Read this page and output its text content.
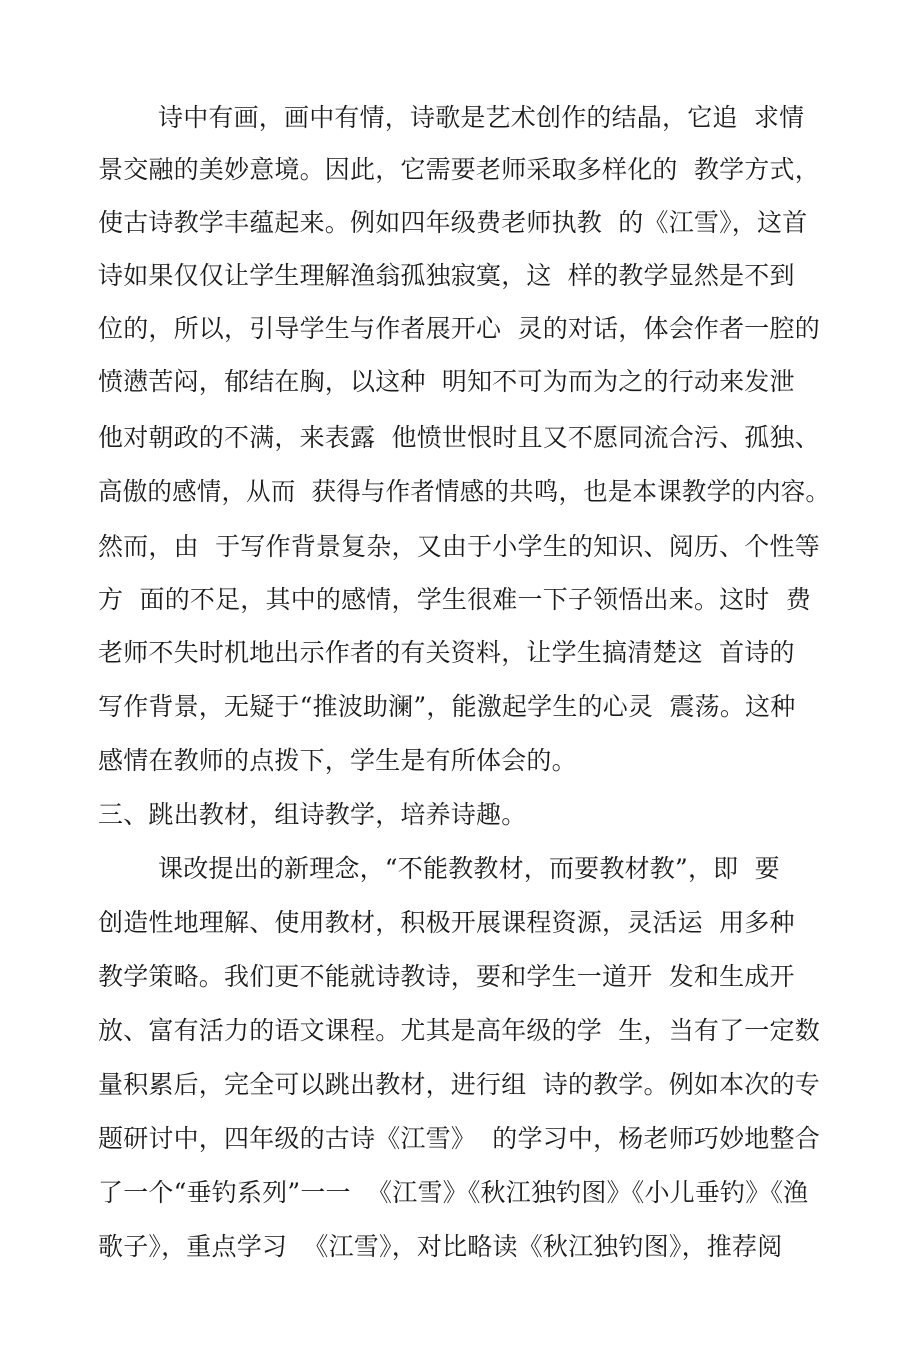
诗中有画，画中有情，诗歌是艺术创作的结晶，它追  求情
景交融的美妙意境。因此，它需要老师采取多样化的  教学方式，
使古诗教学丰蕴起来。例如四年级费老师执教  的《江雪》，这首
诗如果仅仅让学生理解渔翁孤独寂寞，这  样的教学显然是不到
位的，所以，引导学生与作者展开心  灵的对话，体会作者一腔的
愤懑苦闷，郁结在胸，以这种  明知不可为而为之的行动来发泄
他对朝政的不满，来表露  他愤世恨时且又不愿同流合污、孤独、
高傲的感情，从而  获得与作者情感的共鸣，也是本课教学的内容。
然而，由  于写作背景复杂，又由于小学生的知识、阅历、个性等
方  面的不足，其中的感情，学生很难一下子领悟出来。这时  费
老师不失时机地出示作者的有关资料，让学生搞清楚这  首诗的
写作背景，无疑于“推波助澜”，能激起学生的心灵  震荡。这种
感情在教师的点拨下，学生是有所体会的。
三、跳出教材，组诗教学，培养诗趣。
课改提出的新理念，“不能教教材，而要教材教”，即  要
创造性地理解、使用教材，积极开展课程资源，灵活运  用多种
教学策略。我们更不能就诗教诗，要和学生一道开  发和生成开
放、富有活力的语文课程。尤其是高年级的学  生，当有了一定数
量积累后，完全可以跳出教材，进行组  诗的教学。例如本次的专
题研讨中，四年级的古诗《江雪》  的学习中，杨老师巧妙地整合
了一个“垂钓系列”一一  《江雪》《秋江独钓图》《小儿垂钓》《渔
歌子》，重点学习  《江雪》，对比略读《秋江独钓图》，推荐阅
